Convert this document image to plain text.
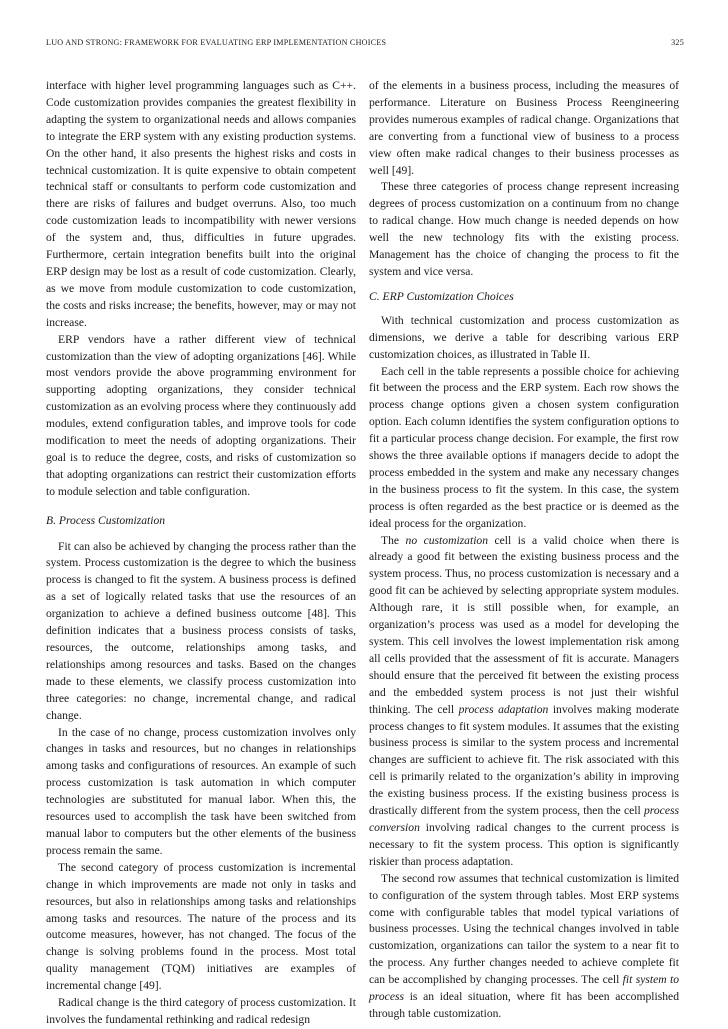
LUO AND STRONG: FRAMEWORK FOR EVALUATING ERP IMPLEMENTATION CHOICES	325

interface with higher level programming languages such as C++. Code customization provides companies the greatest flexibility in adapting the system to organizational needs and allows companies to integrate the ERP system with any existing production systems. On the other hand, it also presents the highest risks and costs in technical customization. It is quite expensive to obtain competent technical staff or consultants to perform code customization and there are risks of failures and budget overruns. Also, too much code customization leads to incompatibility with newer versions of the system and, thus, difficulties in future upgrades. Furthermore, certain integration benefits built into the original ERP design may be lost as a result of code customization. Clearly, as we move from module customization to code customization, the costs and risks increase; the benefits, however, may or may not increase.

ERP vendors have a rather different view of technical customization than the view of adopting organizations [46]. While most vendors provide the above programming environment for supporting adopting organizations, they consider technical customization as an evolving process where they continuously add modules, extend configuration tables, and improve tools for code modification to meet the needs of adopting organizations. Their goal is to reduce the degree, costs, and risks of customization so that adopting organizations can restrict their customization efforts to module selection and table configuration.

B. Process Customization

Fit can also be achieved by changing the process rather than the system. Process customization is the degree to which the business process is changed to fit the system. A business process is defined as a set of logically related tasks that use the resources of an organization to achieve a defined business outcome [48]. This definition indicates that a business process consists of tasks, resources, the outcome, relationships among tasks, and relationships among resources and tasks. Based on the changes made to these elements, we classify process customization into three categories: no change, incremental change, and radical change.

In the case of no change, process customization involves only changes in tasks and resources, but no changes in relationships among tasks and configurations of resources. An example of such process customization is task automation in which computer technologies are substituted for manual labor. When this, the resources used to accomplish the task have been switched from manual labor to computers but the other elements of the business process remain the same.

The second category of process customization is incremental change in which improvements are made not only in tasks and resources, but also in relationships among tasks and relationships among tasks and resources. The nature of the process and its outcome measures, however, has not changed. The focus of the change is solving problems found in the process. Most total quality management (TQM) initiatives are examples of incremental change [49].

Radical change is the third category of process customization. It involves the fundamental rethinking and radical redesign

of the elements in a business process, including the measures of performance. Literature on Business Process Reengineering provides numerous examples of radical change. Organizations that are converting from a functional view of business to a process view often make radical changes to their business processes as well [49].

These three categories of process change represent increasing degrees of process customization on a continuum from no change to radical change. How much change is needed depends on how well the new technology fits with the existing process. Management has the choice of changing the process to fit the system and vice versa.

C. ERP Customization Choices

With technical customization and process customization as dimensions, we derive a table for describing various ERP customization choices, as illustrated in Table II.

Each cell in the table represents a possible choice for achieving fit between the process and the ERP system. Each row shows the process change options given a chosen system configuration option. Each column identifies the system configuration options to fit a particular process change decision. For example, the first row shows the three available options if managers decide to adopt the process embedded in the system and make any necessary changes in the business process to fit the system. In this case, the system process is often regarded as the best practice or is deemed as the ideal process for the organization.

The no customization cell is a valid choice when there is already a good fit between the existing business process and the system process. Thus, no process customization is necessary and a good fit can be achieved by selecting appropriate system modules. Although rare, it is still possible when, for example, an organization’s process was used as a model for developing the system. This cell involves the lowest implementation risk among all cells provided that the assessment of fit is accurate. Managers should ensure that the perceived fit between the existing process and the embedded system process is not just their wishful thinking. The cell process adaptation involves making moderate process changes to fit system modules. It assumes that the existing business process is similar to the system process and incremental changes are sufficient to achieve fit. The risk associated with this cell is primarily related to the organization’s ability in improving the existing business process. If the existing business process is drastically different from the system process, then the cell process conversion involving radical changes to the current process is necessary to fit the system process. This option is significantly riskier than process adaptation.

The second row assumes that technical customization is limited to configuration of the system through tables. Most ERP systems come with configurable tables that model typical variations of business processes. Using the technical changes involved in table customization, organizations can tailor the system to a near fit to the process. Any further changes needed to achieve complete fit can be accomplished by changing processes. The cell fit system to process is an ideal situation, where fit has been accomplished through table customization.
